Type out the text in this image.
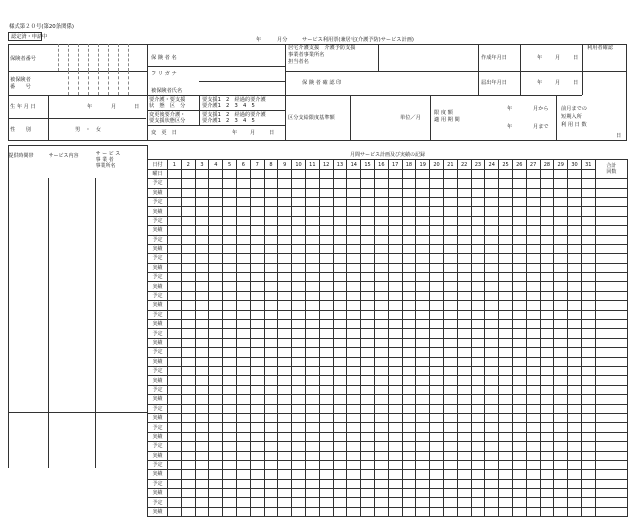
様式第２０号(第20条関係)
認定済・申請中
年	月分	サービス利用票(兼居宅(介護予防)サービス計画)
保険者番号	保 険 者 名
居宅介護支援　介護予防支援
事業者事業所名
担当者名
作成年月日	年 月 日
利用者確認
被保険者
番　　号
フ リ ガ ナ
被保険者氏名
保 険 者 確 認 印	届出年月日	年 月 日
生 年 月 日	年	月	日
性　　別	男　・　女
要介護・要支援
状　態　区　分
要支援1　2　経過的要介護
要介護1　2　3　4　5
変更後要介護・
要支援状態区分
要支援1　2　経過的要介護
要介護1　2　3　4　5
変　更　日	年 月	日
区分支給限度基準額	単位／月
限 度 額
適 用 期 間
年	月から
年	月まで
前月までの
短期入所
利 用 日 数
日
提供時間帯	サービス内容	サ ー ビ ス
事 業 者
事業所名

月間サービス計画及び実績の記録																																
日付	1	2	3	4	5	6	7	8	9	10	11	12	13	14	15	16	17	18	19	20	21	22	23	24	25	26	27	28	29	30	31	合計
回数

曜日																																
予定																																
実績																																
予定																																
実績																																
予定																																
実績																																
予定																																
実績																																
予定																																
実績																																
予定																																
実績																																
予定																																
実績																																
予定																																
実績																																
予定																																
実績																																
予定																																
実績																																
予定																																
実績																																
予定																																
実績																																
予定																																
実績																																
予定																																
実績																																
予定																																
実績																																
予定																																
実績																																
予定																																
実績																																
予定																																
実績																																
